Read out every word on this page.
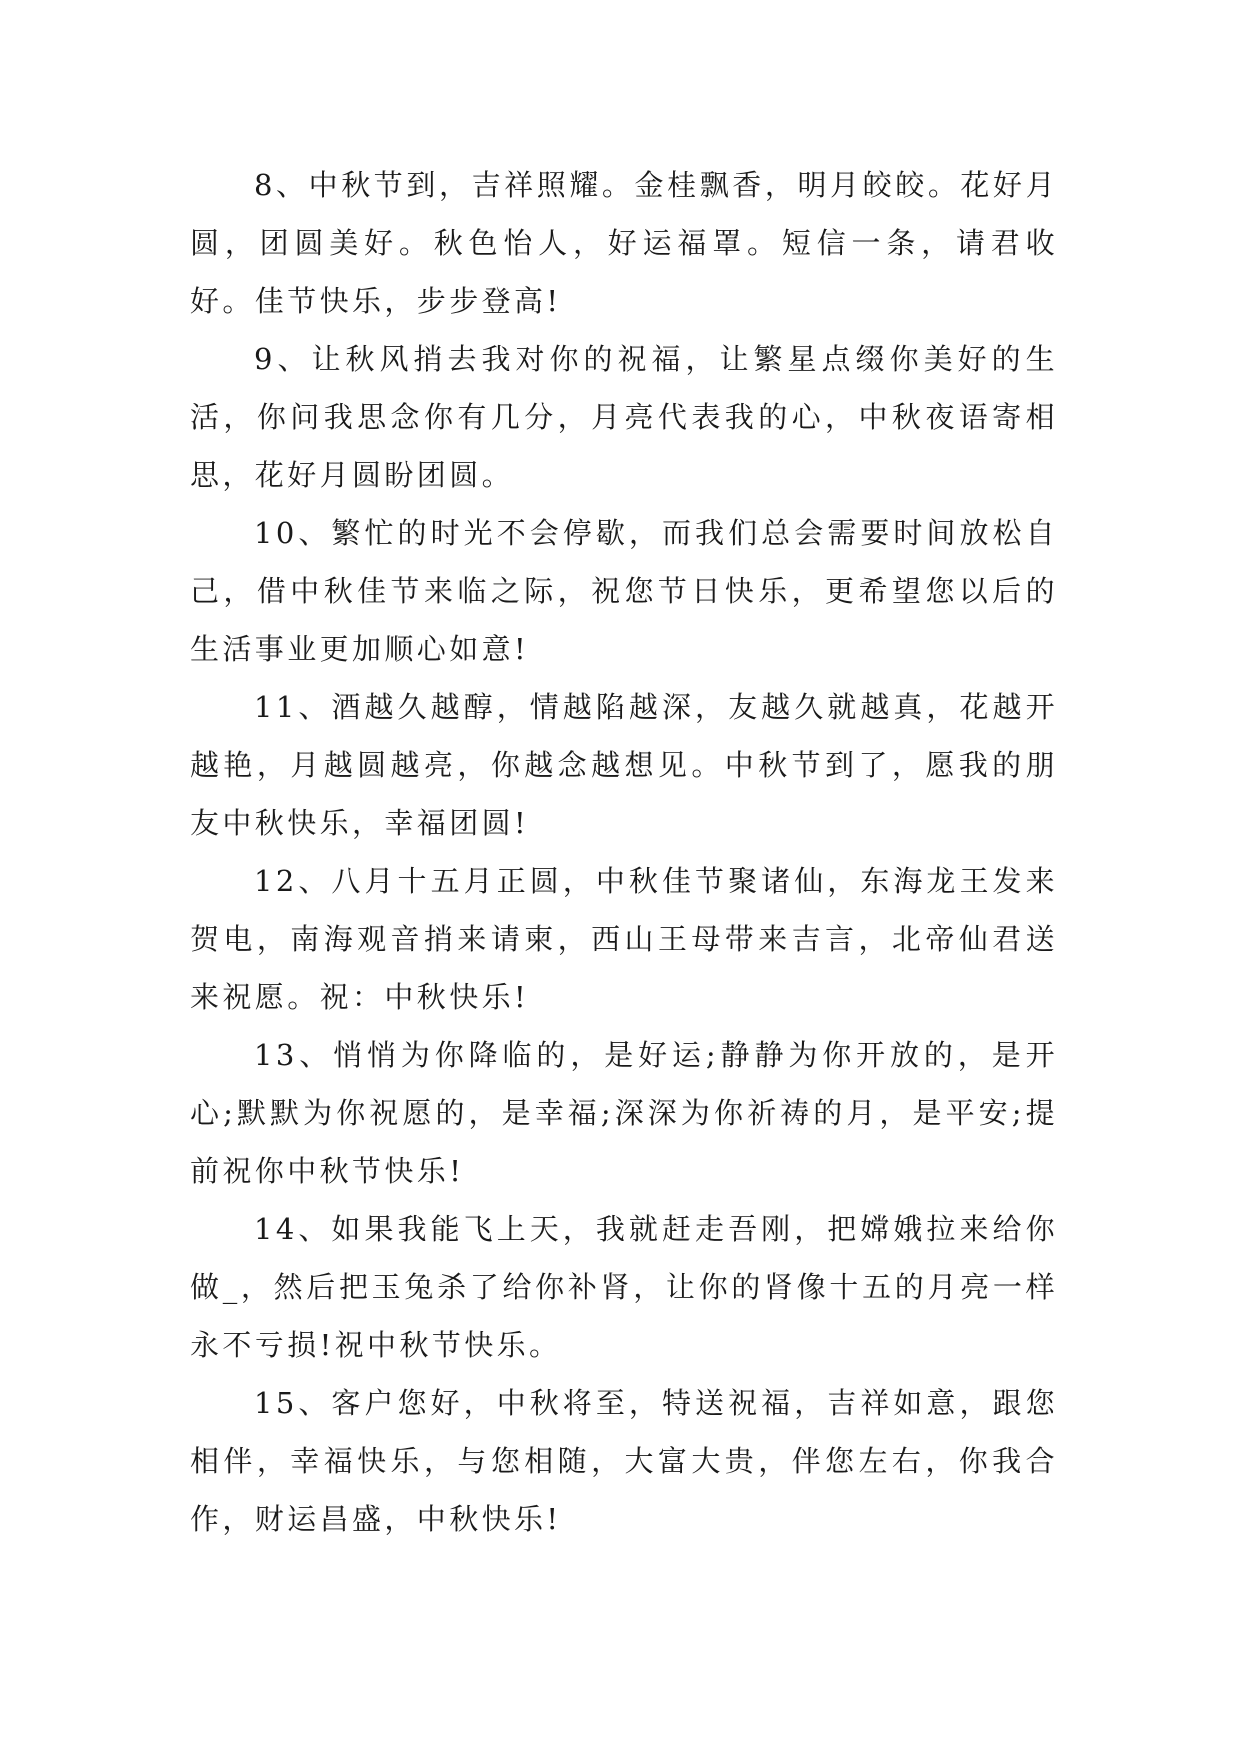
8、中秋节到，吉祥照耀。金桂飘香，明月皎皎。花好月圆，团圆美好。秋色怡人，好运福罩。短信一条，请君收好。佳节快乐，步步登高!

9、让秋风捎去我对你的祝福，让繁星点缀你美好的生活，你问我思念你有几分，月亮代表我的心，中秋夜语寄相思，花好月圆盼团圆。

10、繁忙的时光不会停歇，而我们总会需要时间放松自己，借中秋佳节来临之际，祝您节日快乐，更希望您以后的生活事业更加顺心如意!

11、酒越久越醇，情越陷越深，友越久就越真，花越开越艳，月越圆越亮，你越念越想见。中秋节到了，愿我的朋友中秋快乐，幸福团圆!

12、八月十五月正圆，中秋佳节聚诸仙，东海龙王发来贺电，南海观音捎来请柬，西山王母带来吉言，北帝仙君送来祝愿。祝：中秋快乐!

13、悄悄为你降临的，是好运;静静为你开放的，是开心;默默为你祝愿的，是幸福;深深为你祈祷的月，是平安;提前祝你中秋节快乐!

14、如果我能飞上天，我就赶走吾刚，把嫦娥拉来给你做_，然后把玉兔杀了给你补肾，让你的肾像十五的月亮一样永不亏损!祝中秋节快乐。

15、客户您好，中秋将至，特送祝福，吉祥如意，跟您相伴，幸福快乐，与您相随，大富大贵，伴您左右，你我合作，财运昌盛，中秋快乐!
